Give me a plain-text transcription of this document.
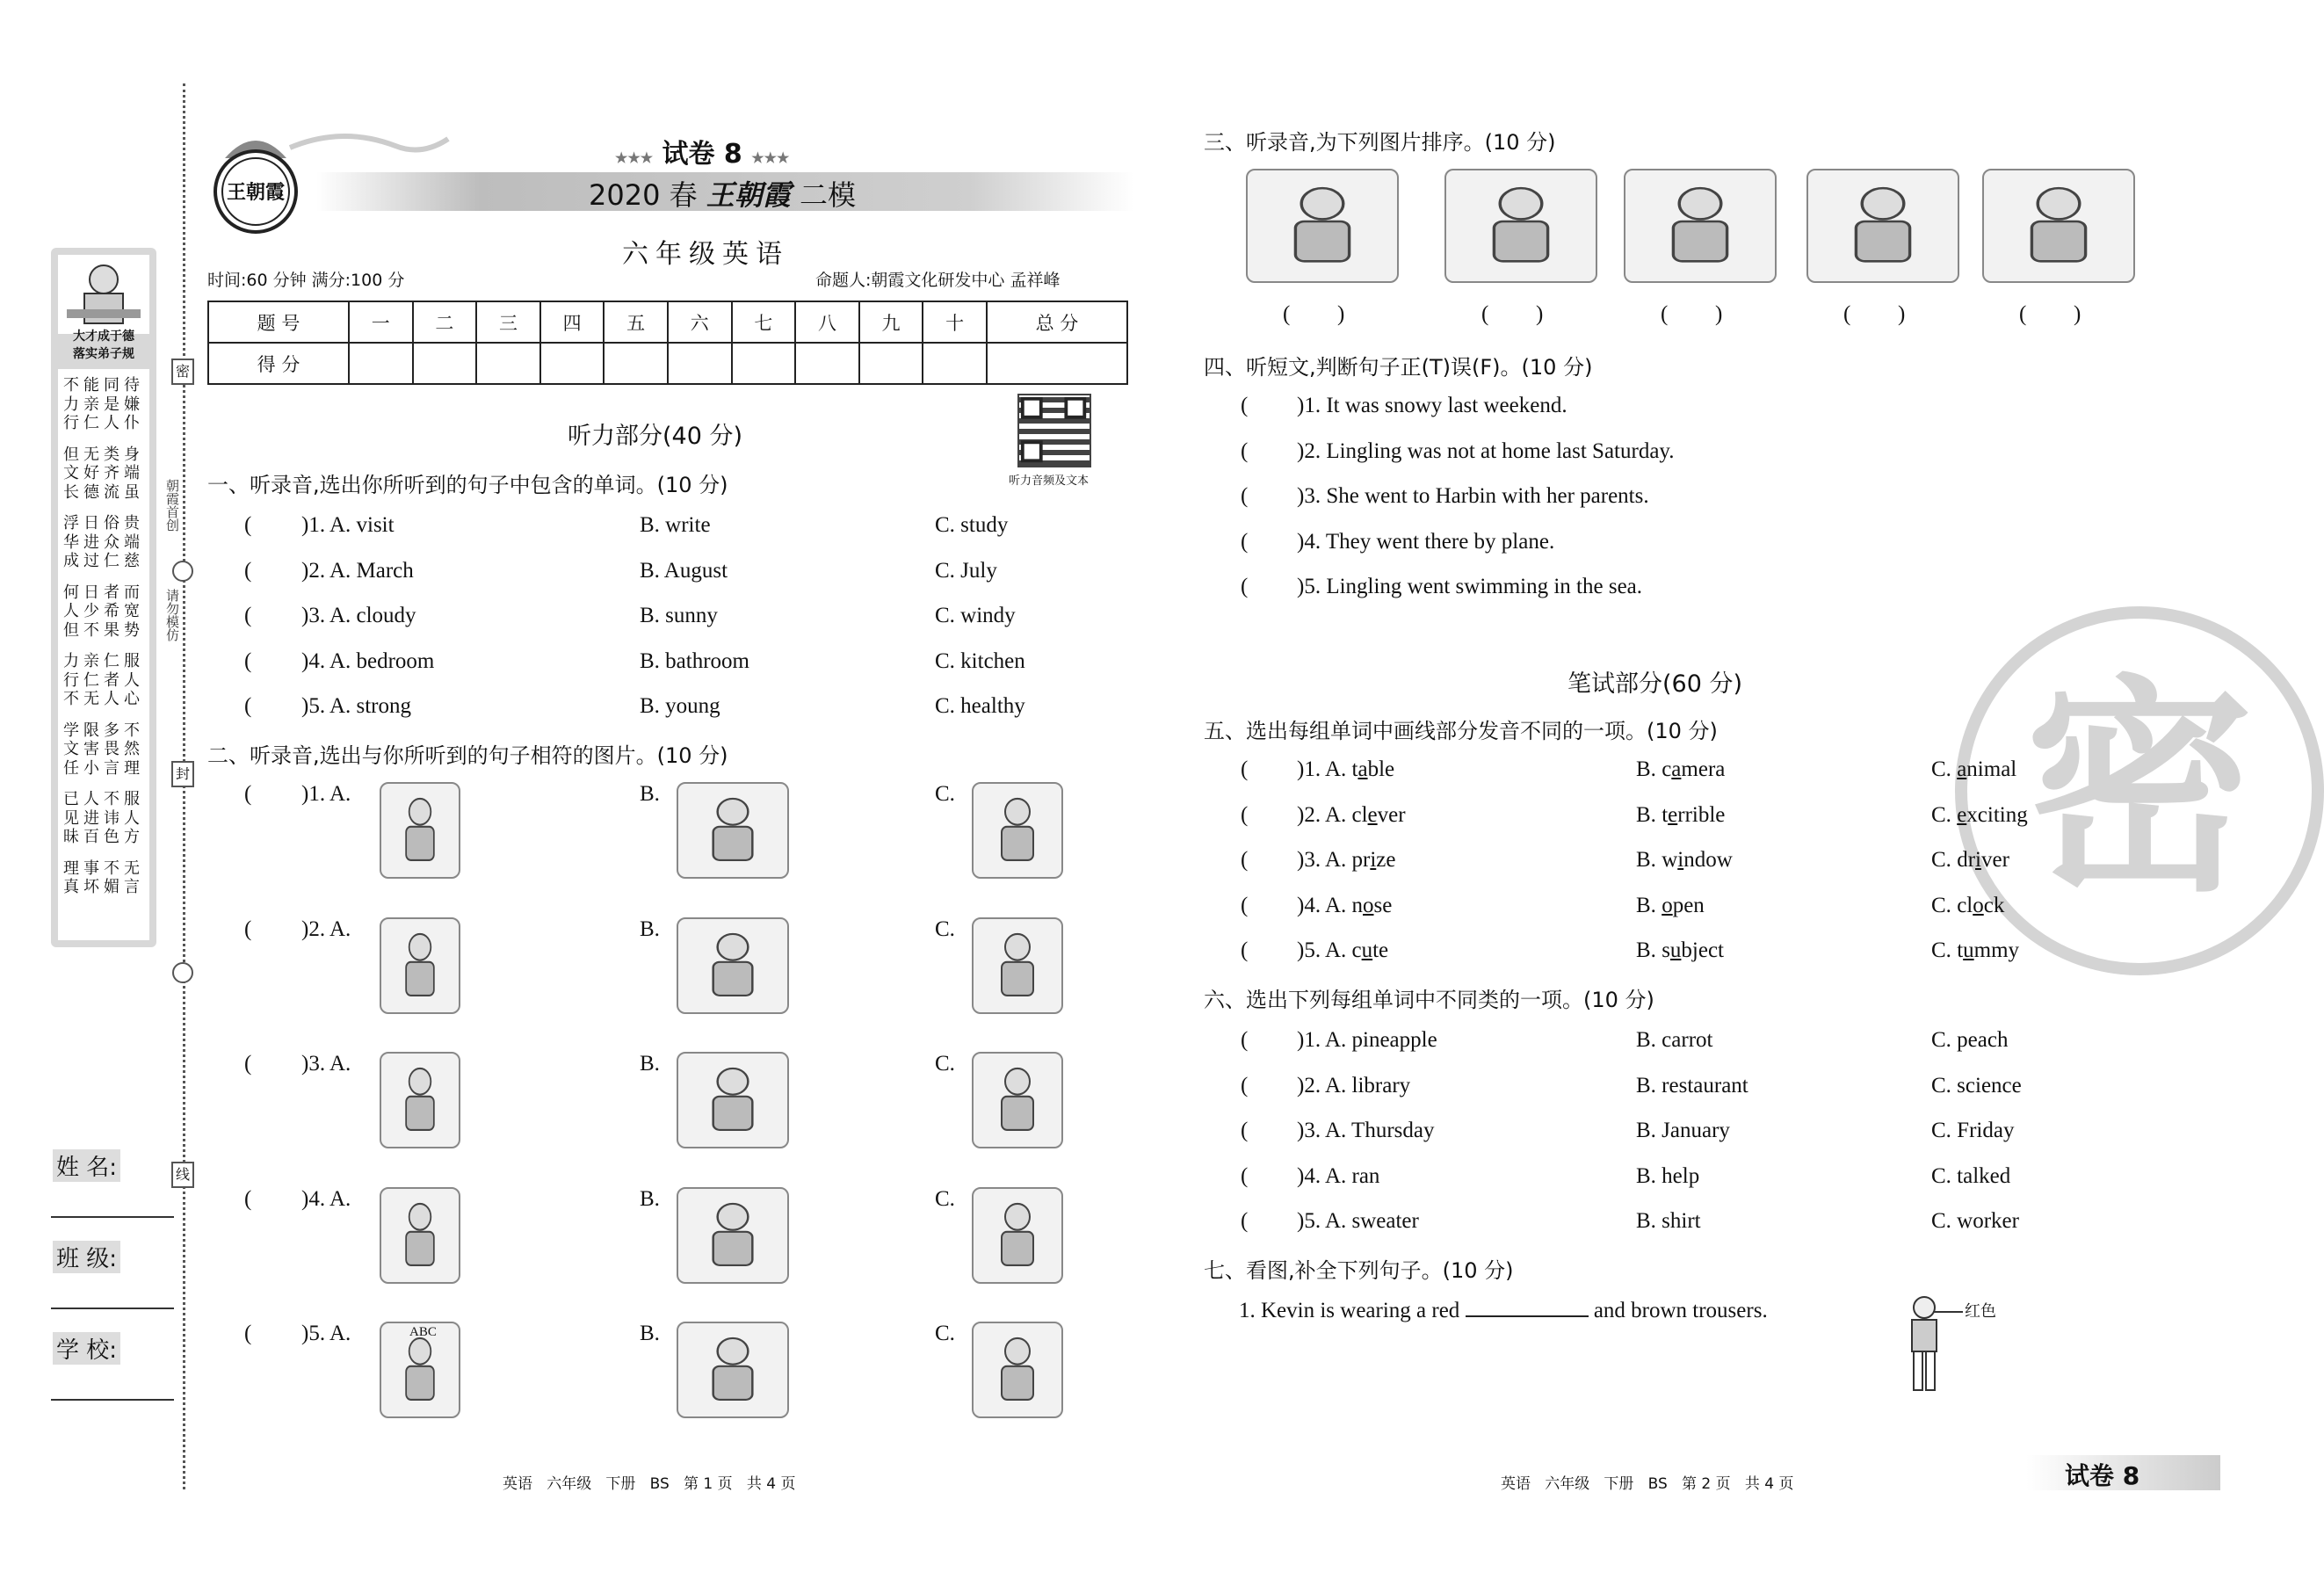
密
封
线
朝霞首创
请勿模仿
大才成于德
落实弟子规
不能同待
力亲是嫌
行仁人仆
但无类身
文好齐端
长德流虽
浮日俗贵
华进众端
成过仁慈
何日者而
人少希宽
但不果势
力亲仁服
行仁者人
不无人心
学限多不
文害畏然
任小言理
已人不服
见进讳人
昧百色方
理事不无
真坏媚言
姓 名:
班 级:
学 校:
王朝霞
★★★ 试卷 8 ★★★
2020 春 王朝霞 二模
六年级英语
时间:60 分钟 满分:100 分	命题人:朝霞文化研发中心 孟祥峰
题 号	一	二	三	四	五	六	七	八	九	十	总 分
得 分											
听力音频及文本
听力部分(40 分)
一、听录音,选出你所听到的句子中包含的单词。(10 分)
( )1. A. visit	B. write	C. study
( )2. A. March	B. August	C. July
( )3. A. cloudy	B. sunny	C. windy
( )4. A. bedroom	B. bathroom	C. kitchen
( )5. A. strong	B. young	C. healthy
二、听录音,选出与你所听到的句子相符的图片。(10 分)
( )1. A.	B.	C.
( )2. A.	B.	C.
( )3. A.	B.	C.
( )4. A.	B.	C.
( )5. A.	B.	C.
ABC
英语   六年级   下册   BS   第 1 页   共 4 页
三、听录音,为下列图片排序。(10 分)
( )	( )	( )	( )	( )
四、听短文,判断句子正(T)误(F)。(10 分)
( )1. It was snowy last weekend.
( )2. Lingling was not at home last Saturday.
( )3. She went to Harbin with her parents.
( )4. They went there by plane.
( )5. Lingling went swimming in the sea.
笔试部分(60 分)	密
五、选出每组单词中画线部分发音不同的一项。(10 分)
( )1. A. table	B. camera	C. animal
( )2. A. clever	B. terrible	C. exciting
( )3. A. prize	B. window	C. driver
( )4. A. nose	B. open	C. clock
( )5. A. cute	B. subject	C. tummy
六、选出下列每组单词中不同类的一项。(10 分)
( )1. A. pineapple	B. carrot	C. peach
( )2. A. library	B. restaurant	C. science
( )3. A. Thursday	B. January	C. Friday
( )4. A. ran	B. help	C. talked
( )5. A. sweater	B. shirt	C. worker
七、看图,补全下列句子。(10 分)
1. Kevin is wearing a red	and brown trousers.	红色
英语   六年级   下册   BS   第 2 页   共 4 页	试卷 8
